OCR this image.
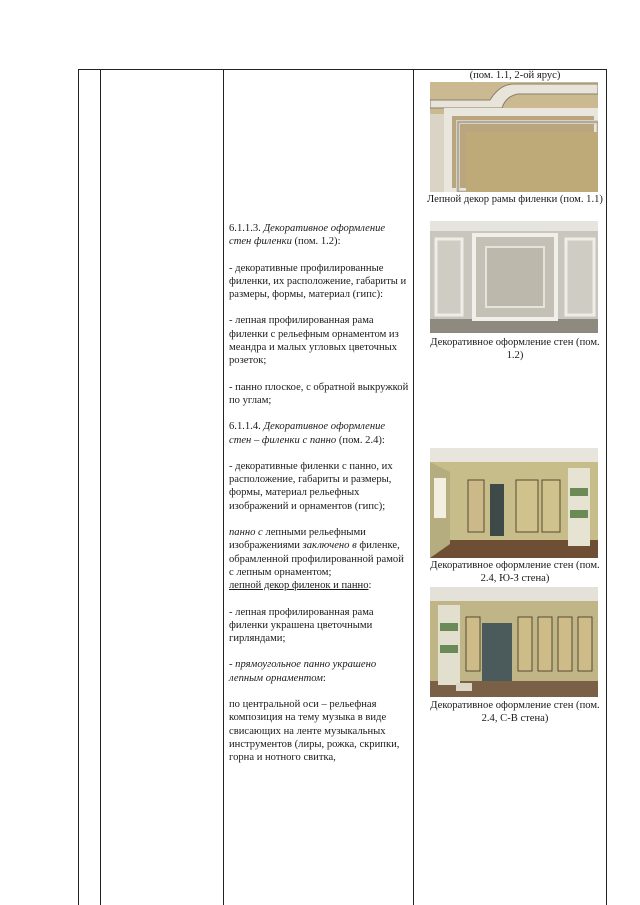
(пом. 1.1, 2-ой ярус)
Лепной декор рамы филенки (пом. 1.1)
Декоративное оформление стен (пом. 1.2)
Декоративное оформление стен (пом. 2.4, Ю-З стена)
Декоративное оформление стен (пом. 2.4, С-В стена)

6.1.1.3. Декоративное оформление стен филенки (пом. 1.2):

- декоративные профилированные филенки, их расположение, габариты и размеры, формы, материал (гипс):

- лепная профилированная рама филенки с рельефным орнаментом из меандра и малых угловых цветочных розеток;

- панно плоское, с обратной выкружкой по углам;

6.1.1.4. Декоративное оформление стен – филенки с панно (пом. 2.4):

- декоративные филенки с панно, их расположение, габариты и размеры, формы, материал рельефных изображений и орнаментов (гипс);

панно с лепными рельефными изображениями заключено в филенке, обрамленной профилированной рамой с лепным орнаментом;

лепной декор филенок и панно:

- лепная профилированная рама филенки украшена цветочными гирляндами;

- прямоугольное панно украшено лепным орнаментом:

по центральной оси – рельефная композиция на тему музыка в виде свисающих на ленте музыкальных инструментов (лиры, рожка, скрипки, горна и нотного свитка,
